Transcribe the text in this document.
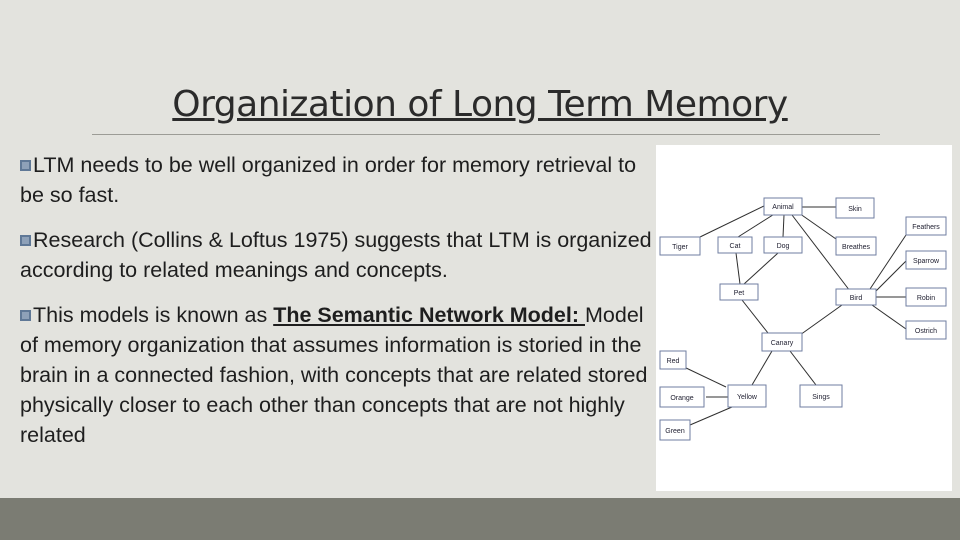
Organization of Long Term Memory
LTM needs to be well organized in order for memory retrieval to be so fast.
Research (Collins & Loftus 1975) suggests that LTM is organized according to related meanings and concepts.
This models is known as The Semantic Network Model: Model of memory organization that assumes information is storied in the brain in a connected fashion, with concepts that are related stored physically closer to each other than concepts that are not highly related
Animal	Skin
Feathers
Tiger	Cat	Dog	Breathes
Sparrow
Pet
Bird	Robin
Ostrich
Canary
Red
Orange	Yellow	Sings
Green
